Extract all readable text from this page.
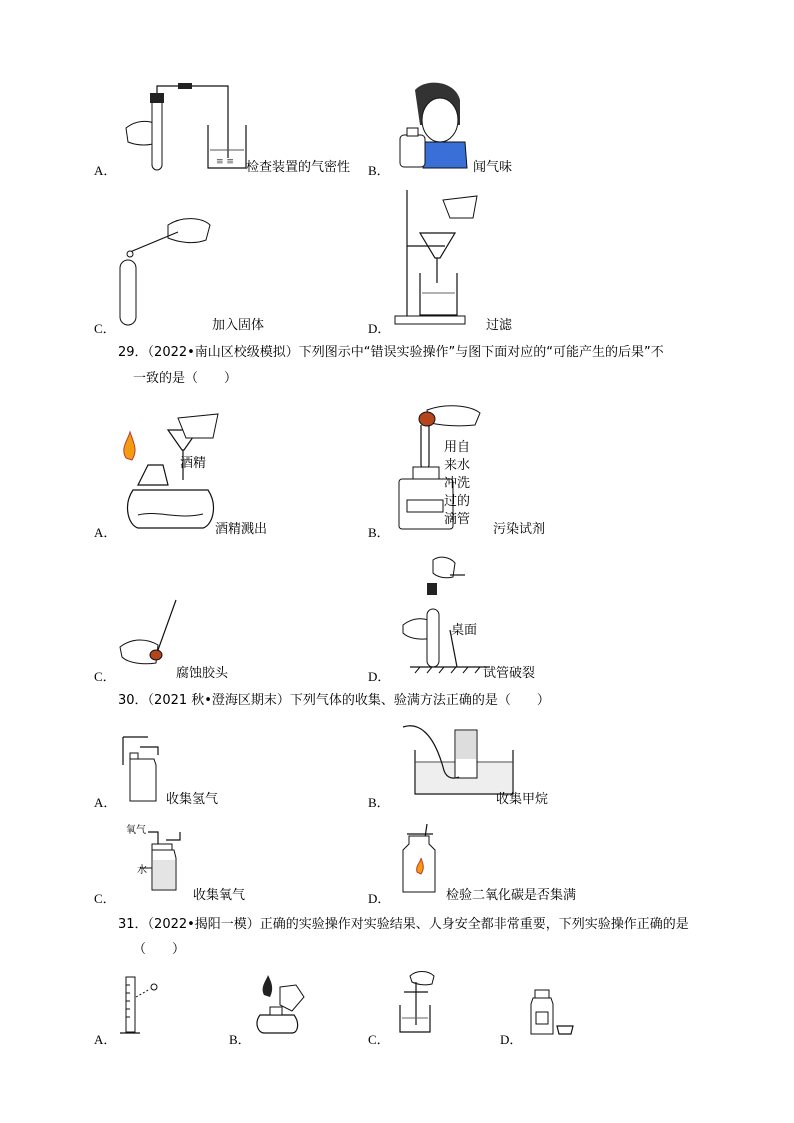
≡ ≡
A．	检查装置的气密性 B．	闻气味
C．	加入固体	D．	过滤
29．（2022•南山区校级模拟）下列图示中“错误实验操作”与图下面对应的“可能产生的后果”不
一致的是（　　）
酒精
A．	酒精溅出
用自
来水
冲洗
过的
滴管
B．	污染试剂
C．	腐蚀胶头
桌面
D．	试管破裂
30．（2021 秋•澄海区期末）下列气体的收集、验满方法正确的是（　　）
A．	收集氢气	B．	收集甲烷
氧气
水
C．	收集氧气	D．	检验二氧化碳是否集满
31．（2022•揭阳一模）正确的实验操作对实验结果、人身安全都非常重要，下列实验操作正确的是
（　　）
A．	B．	C．	D．
